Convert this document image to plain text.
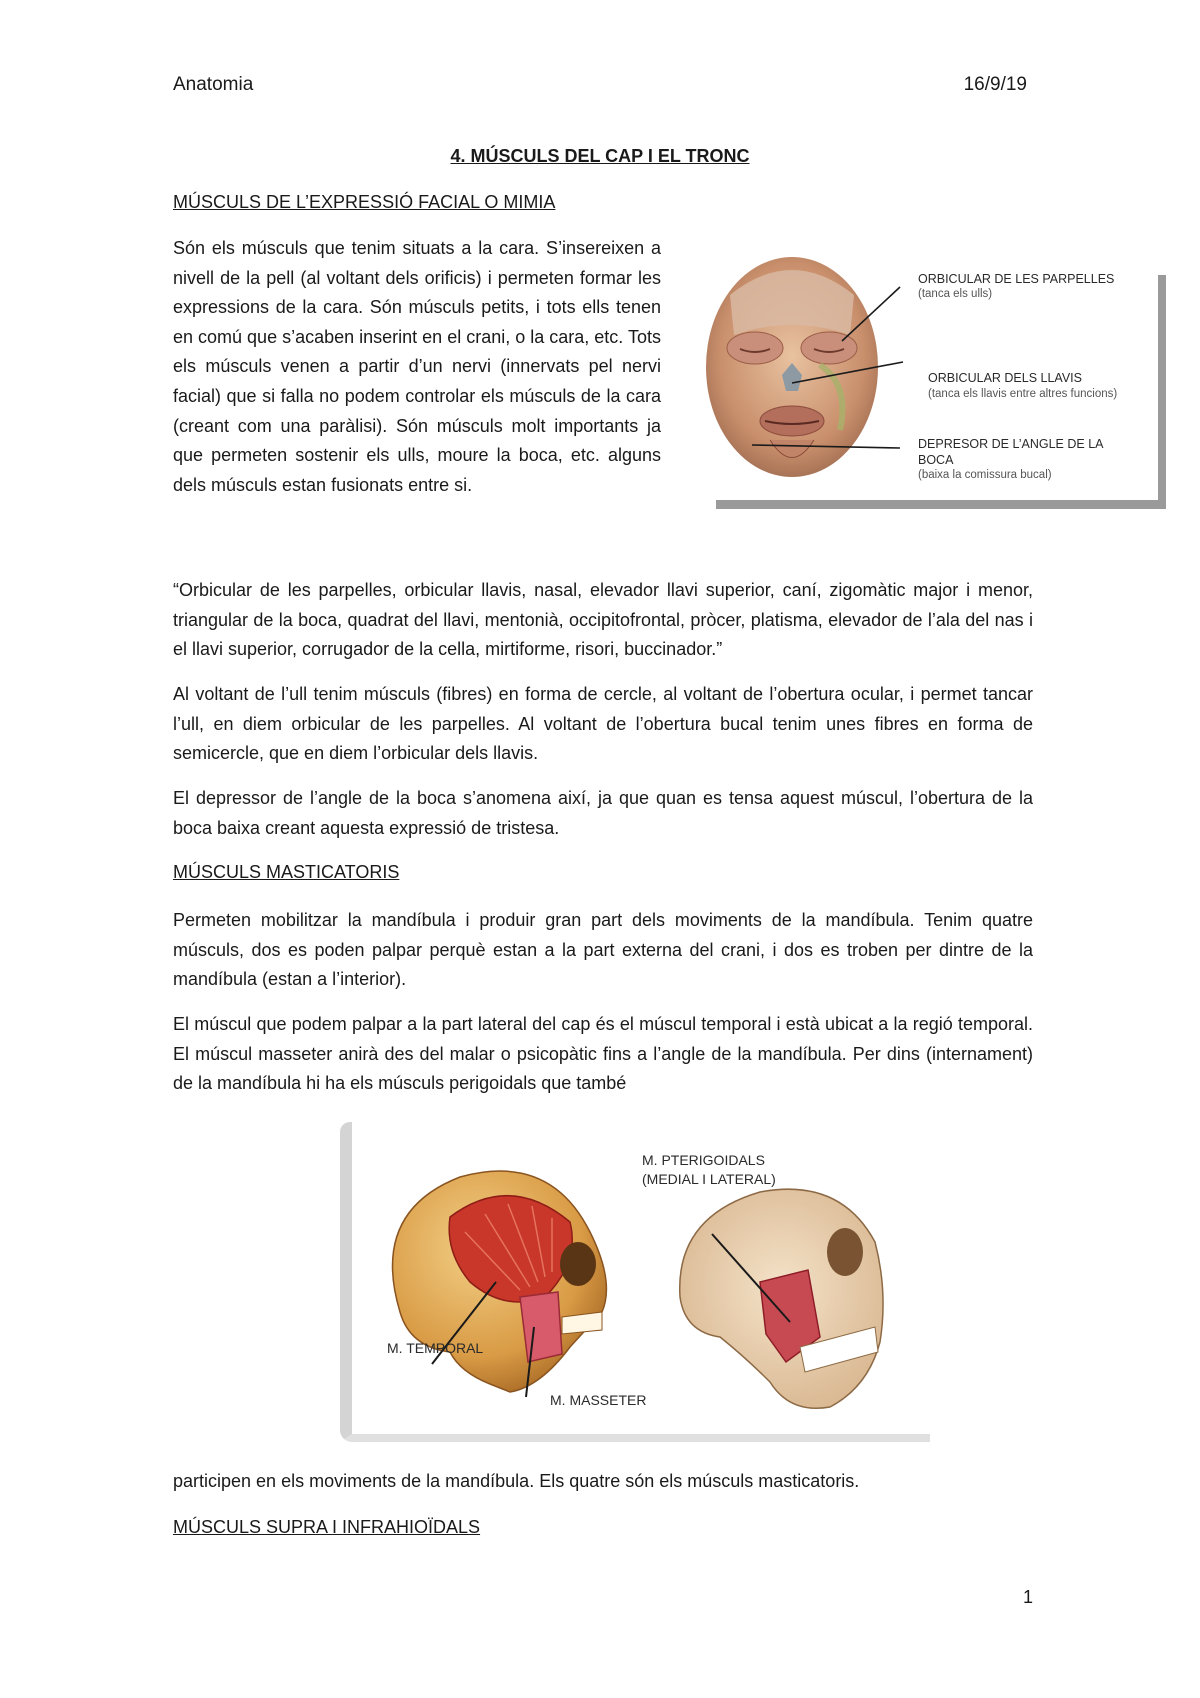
Anatomia	16/9/19
4. MÚSCULS DEL CAP I EL TRONC
MÚSCULS DE L’EXPRESSIÓ FACIAL O MIMIA

Són els músculs que tenim situats a la cara. S’insereixen a nivell de la pell (al voltant dels orificis) i permeten formar les expressions de la cara. Són músculs petits, i tots ells tenen en comú que s’acaben inserint en el crani, o la cara, etc. Tots els músculs venen a partir d’un nervi (innervats pel nervi facial) que si falla no podem controlar els músculs de la cara (creant com una paràlisi). Són músculs molt importants ja que permeten sostenir els ulls, moure la boca, etc. alguns dels músculs estan fusionats entre si.

ORBICULAR DE LES PARPELLES
(tanca els ulls)
ORBICULAR DELS LLAVIS
(tanca els llavis entre altres funcions)
DEPRESOR DE L’ANGLE DE LA
BOCA
(baixa la comissura bucal)

“Orbicular de les parpelles, orbicular llavis, nasal, elevador llavi superior, caní, zigomàtic major i menor, triangular de la boca, quadrat del llavi, mentonià, occipitofrontal, pròcer, platisma, elevador de l’ala del nas i el llavi superior, corrugador de la cella, mirtiforme, risori, buccinador.”

Al voltant de l’ull tenim músculs (fibres) en forma de cercle, al voltant de l’obertura ocular, i permet tancar l’ull, en diem orbicular de les parpelles. Al voltant de l’obertura bucal tenim unes fibres en forma de semicercle, que en diem l’orbicular dels llavis.

El depressor de l’angle de la boca s’anomena així, ja que quan es tensa aquest múscul, l’obertura de la boca baixa creant aquesta expressió de tristesa.

MÚSCULS MASTICATORIS

Permeten mobilitzar la mandíbula i produir gran part dels moviments de la mandíbula. Tenim quatre músculs, dos es poden palpar perquè estan a la part externa del crani, i dos es troben per dintre de la mandíbula (estan a l’interior).

El múscul que podem palpar a la part lateral del cap és el múscul temporal i està ubicat a la regió temporal. El múscul masseter anirà des del malar o psicopàtic fins a l’angle de la mandíbula. Per dins (internament) de la mandíbula hi ha els músculs perigoidals que també

M. PTERIGOIDALS
(MEDIAL I LATERAL)
M. TEMPORAL
M. MASSETER

participen en els moviments de la mandíbula. Els quatre són els músculs masticatoris.

MÚSCULS SUPRA I INFRAHIOÏDALS
1
